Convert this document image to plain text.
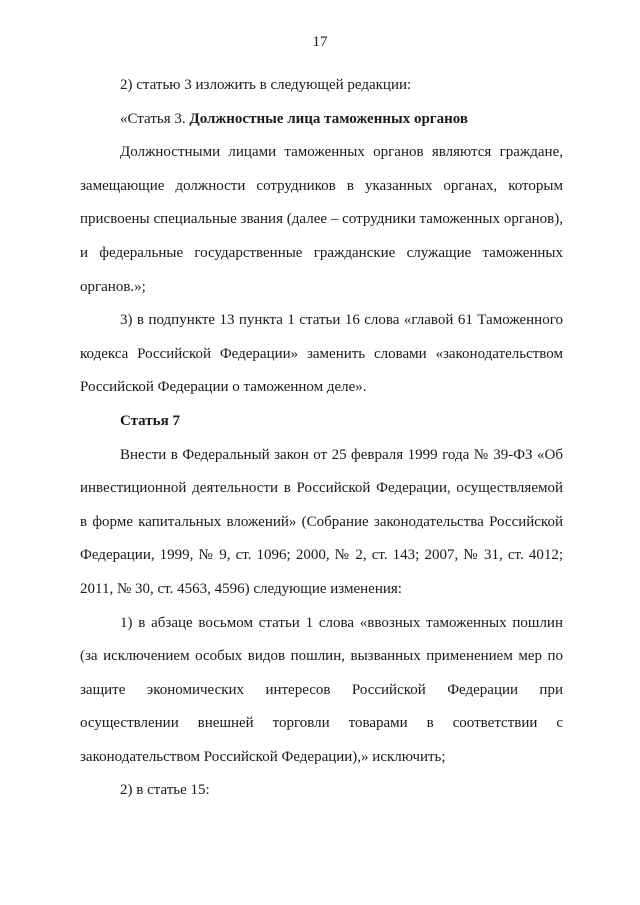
17

2) статью 3 изложить в следующей редакции:

«Статья 3. Должностные лица таможенных органов

Должностными лицами таможенных органов являются граждане, замещающие должности сотрудников в указанных органах, которым присвоены специальные звания (далее – сотрудники таможенных органов), и федеральные государственные гражданские служащие таможенных органов.»;

3) в подпункте 13 пункта 1 статьи 16 слова «главой 61 Таможенного кодекса Российской Федерации» заменить словами «законодательством Российской Федерации о таможенном деле».

Статья 7

Внести в Федеральный закон от 25 февраля 1999 года № 39-ФЗ «Об инвестиционной деятельности в Российской Федерации, осуществляемой в форме капитальных вложений» (Собрание законодательства Российской Федерации, 1999, № 9, ст. 1096; 2000, № 2, ст. 143; 2007, № 31, ст. 4012; 2011, № 30, ст. 4563, 4596) следующие изменения:

1) в абзаце восьмом статьи 1 слова «ввозных таможенных пошлин (за исключением особых видов пошлин, вызванных применением мер по защите экономических интересов Российской Федерации при осуществлении внешней торговли товарами в соответствии с законодательством Российской Федерации),» исключить;

2) в статье 15:
